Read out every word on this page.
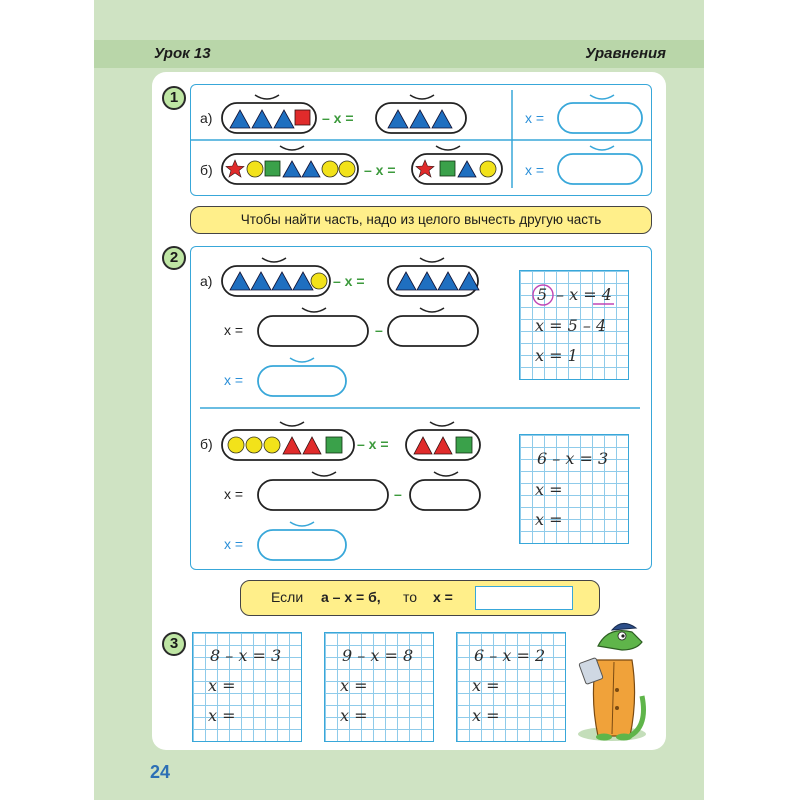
Урок 13	Уравнения
1
а)	– х =	х =
б)	– х =	х =
Чтобы найти часть, надо из целого вычесть другую часть
2
а)	– х =
х =	–
х =
б)	– х =
х =	–
х =
5 – х = 4
х = 5 – 4
х = 1
6 – х = 3
х =
х =
Если а – х = б, то х =
3
8 – х = 3
х =
х =
9 – х = 8
х =
х =
6 – х = 2
х =
х =
24
